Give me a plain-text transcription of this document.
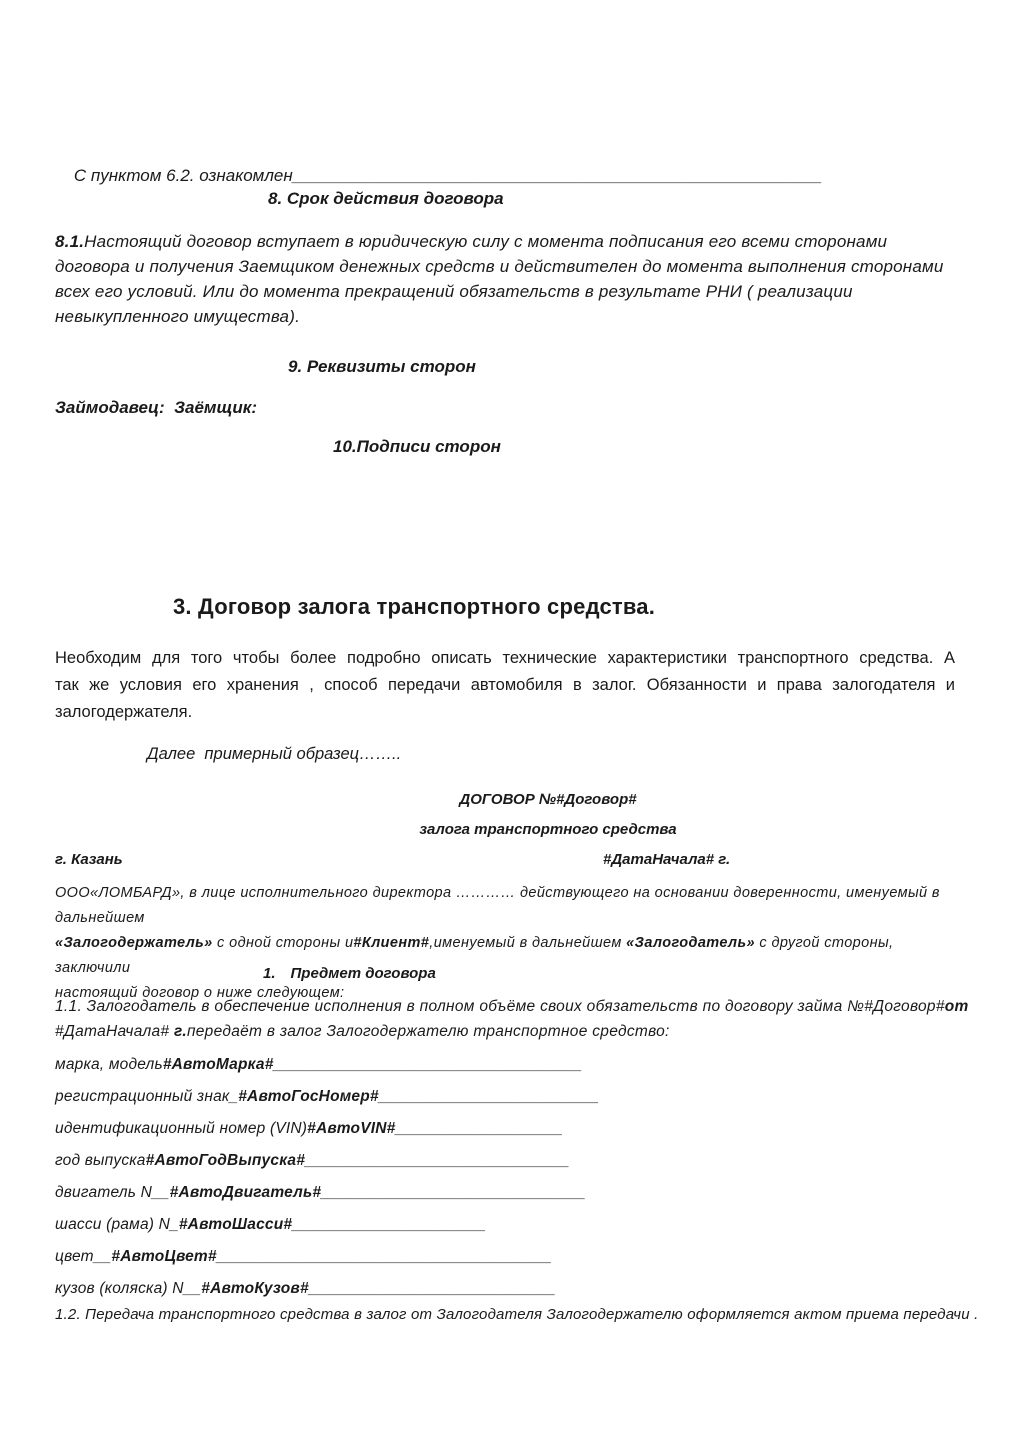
С пунктом 6.2. ознакомлен________________________________________________________

8. Срок действия договора
8.1.Настоящий договор вступает в юридическую силу с момента подписания его всеми сторонами
договора и получения Заемщиком денежных средств и действителен до момента выполнения сторонами
всех его условий. Или до момента прекращений обязательств в результате РНИ ( реализации
невыкупленного имущества).
9. Реквизиты сторон
Займодавец:  Заёмщик:
10.Подписи сторон
3. Договор залога транспортного средства.
Необходим для того чтобы более подробно описать технические характеристики транспортного средства. А
так же условия его хранения , способ передачи автомобиля в залог. Обязанности и права залогодателя и
залогодержателя.
Далее  примерный образец……..
ДОГОВОР №#Договор#
залога транспортного средства
г. Казань	#ДатаНачала# г.
ООО«ЛОМБАРД», в лице исполнительного директора ………… действующего на основании доверенности, именуемый в дальнейшем
«Залогодержатель» с одной стороны и#Клиент#,именуемый в дальнейшем «Залогодатель» с другой стороны, заключили
настоящий договор о ниже следующем:
1. Предмет договора
1.1. Залогодатель в обеспечение исполнения в полном объёме своих обязательств по договору займа №#Договор#от
#ДатаНачала# г.передаёт в залог Залогодержателю транспортное средство:
марка, модель#АвтоМарка#___________________________________
регистрационный знак_#АвтоГосНомер#_________________________
идентификационный номер (VIN)#АвтоVIN#___________________
год выпуска#АвтоГодВыпуска#______________________________
двигатель N__#АвтоДвигатель#______________________________
шасси (рама) N_#АвтоШасси#______________________
цвет__#АвтоЦвет#______________________________________
кузов (коляска) N__#АвтоКузов#____________________________
1.2. Передача транспортного средства в залог от Залогодателя Залогодержателю оформляется актом приема передачи .
